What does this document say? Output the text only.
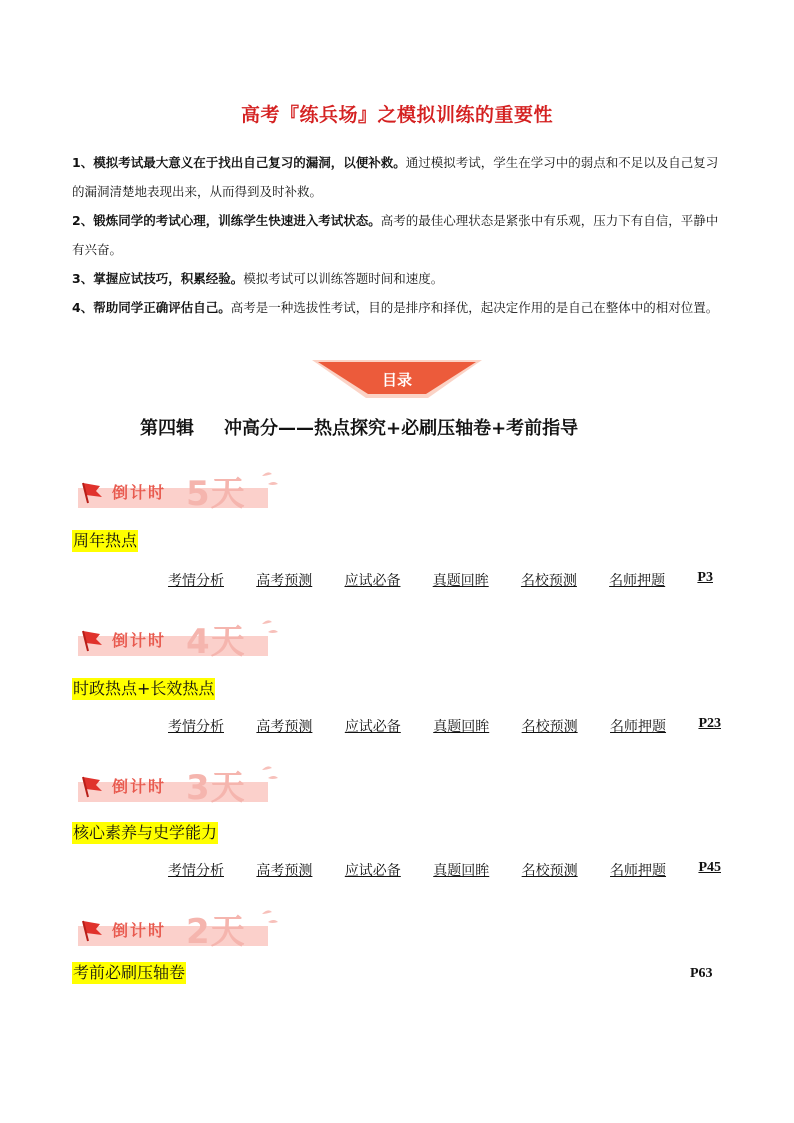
高考『练兵场』之模拟训练的重要性

1、模拟考试最大意义在于找出自己复习的漏洞，以便补救。通过模拟考试，学生在学习中的弱点和不足以及自己复习的漏洞清楚地表现出来，从而得到及时补救。

2、锻炼同学的考试心理，训练学生快速进入考试状态。高考的最佳心理状态是紧张中有乐观，压力下有自信，平静中有兴奋。

3、掌握应试技巧，积累经验。模拟考试可以训练答题时间和速度。

4、帮助同学正确评估自己。高考是一种选拔性考试，目的是排序和择优，起决定作用的是自己在整体中的相对位置。

目录
第四辑 冲高分——热点探究+必刷压轴卷+考前指导
倒计时 5天
周年热点
考情分析 高考预测 应试必备 真题回眸 名校预测 名师押题 P3
倒计时 4天
时政热点+长效热点
考情分析 高考预测 应试必备 真题回眸 名校预测 名师押题 P23
倒计时 3天
核心素养与史学能力
考情分析 高考预测 应试必备 真题回眸 名校预测 名师押题 P45
倒计时 2天
考前必刷压轴卷	P63
